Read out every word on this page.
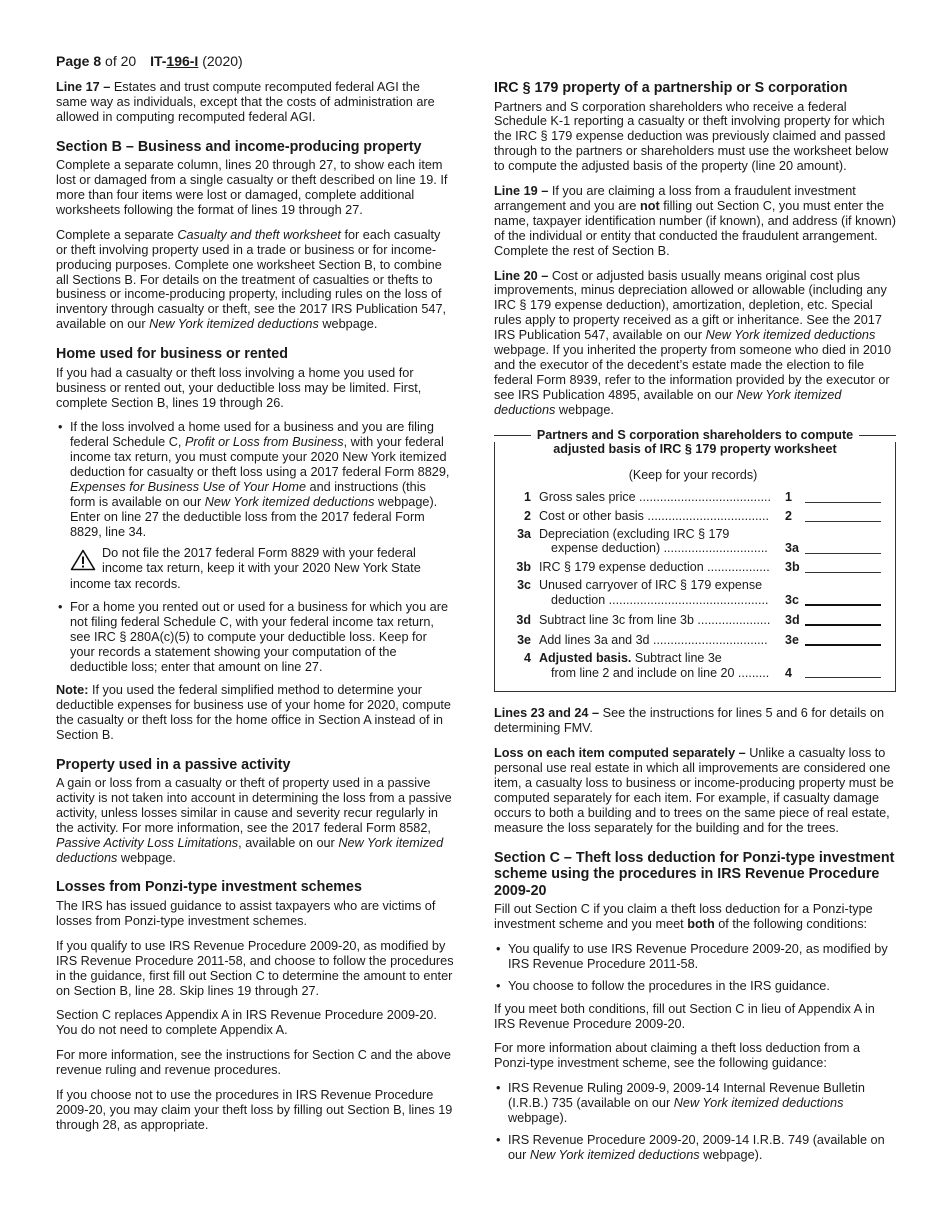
Page 8 of 20 IT-196-I (2020)

Line 17 – Estates and trust compute recomputed federal AGI the same way as individuals, except that the costs of administration are allowed in computing recomputed federal AGI.

Section B – Business and income-producing property

Complete a separate column, lines 20 through 27, to show each item lost or damaged from a single casualty or theft described on line 19. If more than four items were lost or damaged, complete additional worksheets following the format of lines 19 through 27.

Complete a separate Casualty and theft worksheet for each casualty or theft involving property used in a trade or business or for income-producing purposes. Complete one worksheet Section B, to combine all Sections B. For details on the treatment of casualties or thefts to business or income-producing property, including rules on the loss of inventory through casualty or theft, see the 2017 IRS Publication 547, available on our New York itemized deductions webpage.

Home used for business or rented

If you had a casualty or theft loss involving a home you used for business or rented out, your deductible loss may be limited. First, complete Section B, lines 19 through 26.

• If the loss involved a home used for a business and you are filing federal Schedule C, Profit or Loss from Business, with your federal income tax return, you must compute your 2020 New York itemized deduction for casualty or theft loss using a 2017 federal Form 8829, Expenses for Business Use of Your Home and instructions (this form is available on our New York itemized deductions webpage). Enter on line 27 the deductible loss from the 2017 federal Form 8829, line 34.
Do not file the 2017 federal Form 8829 with your federal income tax return, keep it with your 2020 New York State
income tax records.
• For a home you rented out or used for a business for which you are not filing federal Schedule C, with your federal income tax return, see IRC § 280A(c)(5) to compute your deductible loss. Keep for your records a statement showing your computation of the deductible loss; enter that amount on line 27.

Note: If you used the federal simplified method to determine your deductible expenses for business use of your home for 2020, compute the casualty or theft loss for the home office in Section A instead of in Section B.

Property used in a passive activity

A gain or loss from a casualty or theft of property used in a passive activity is not taken into account in determining the loss from a passive activity, unless losses similar in cause and severity recur regularly in the activity. For more information, see the 2017 federal Form 8582, Passive Activity Loss Limitations, available on our New York itemized deductions webpage.

Losses from Ponzi-type investment schemes

The IRS has issued guidance to assist taxpayers who are victims of losses from Ponzi-type investment schemes.

If you qualify to use IRS Revenue Procedure 2009-20, as modified by IRS Revenue Procedure 2011-58, and choose to follow the procedures in the guidance, first fill out Section C to determine the amount to enter on Section B, line 28. Skip lines 19 through 27.

Section C replaces Appendix A in IRS Revenue Procedure 2009-20. You do not need to complete Appendix A.

For more information, see the instructions for Section C and the above revenue ruling and revenue procedures.

If you choose not to use the procedures in IRS Revenue Procedure 2009-20, you may claim your theft loss by filling out Section B, lines 19 through 28, as appropriate.

IRC § 179 property of a partnership or S corporation

Partners and S corporation shareholders who receive a federal Schedule K-1 reporting a casualty or theft involving property for which the IRC § 179 expense deduction was previously claimed and passed through to the partners or shareholders must use the worksheet below to compute the adjusted basis of the property (line 20 amount).

Line 19 – If you are claiming a loss from a fraudulent investment arrangement and you are not filling out Section C, you must enter the name, taxpayer identification number (if known), and address (if known) of the individual or entity that conducted the fraudulent arrangement. Complete the rest of Section B.

Line 20 – Cost or adjusted basis usually means original cost plus improvements, minus depreciation allowed or allowable (including any IRC § 179 expense deduction), amortization, depletion, etc. Special rules apply to property received as a gift or inheritance. See the 2017 IRS Publication 547, available on our New York itemized deductions webpage. If you inherited the property from someone who died in 2010 and the executor of the decedent’s estate made the election to file federal Form 8939, refer to the information provided by the executor or see IRS Publication 4895, available on our New York itemized deductions webpage.

Partners and S corporation shareholders to compute
adjusted basis of IRC § 179 property worksheet
(Keep for your records)
1 Gross sales price ......................................	1
2 Cost or other basis ...................................	2
3a Depreciation (excluding IRC § 179
expense deduction) ..............................	3a
3b IRC § 179 expense deduction ..................	3b
3c Unused carryover of IRC § 179 expense
deduction ..............................................	3c
3d Subtract line 3c from line 3b .....................	3d
3e Add lines 3a and 3d .................................	3e
4 Adjusted basis. Subtract line 3e
from line 2 and include on line 20 .........	4

Lines 23 and 24 – See the instructions for lines 5 and 6 for details on determining FMV.

Loss on each item computed separately – Unlike a casualty loss to personal use real estate in which all improvements are considered one item, a casualty loss to business or income-producing property must be computed separately for each item. For example, if casualty damage occurs to both a building and to trees on the same piece of real estate, measure the loss separately for the building and for the trees.

Section C – Theft loss deduction for Ponzi-type investment scheme using the procedures in IRS Revenue Procedure 2009-20

Fill out Section C if you claim a theft loss deduction for a Ponzi-type investment scheme and you meet both of the following conditions:

• You qualify to use IRS Revenue Procedure 2009-20, as modified by IRS Revenue Procedure 2011-58.
• You choose to follow the procedures in the IRS guidance.

If you meet both conditions, fill out Section C in lieu of Appendix A in IRS Revenue Procedure 2009-20.

For more information about claiming a theft loss deduction from a Ponzi-type investment scheme, see the following guidance:

• IRS Revenue Ruling 2009-9, 2009-14 Internal Revenue Bulletin (I.R.B.) 735 (available on our New York itemized deductions webpage).
• IRS Revenue Procedure 2009-20, 2009-14 I.R.B. 749 (available on our New York itemized deductions webpage).
